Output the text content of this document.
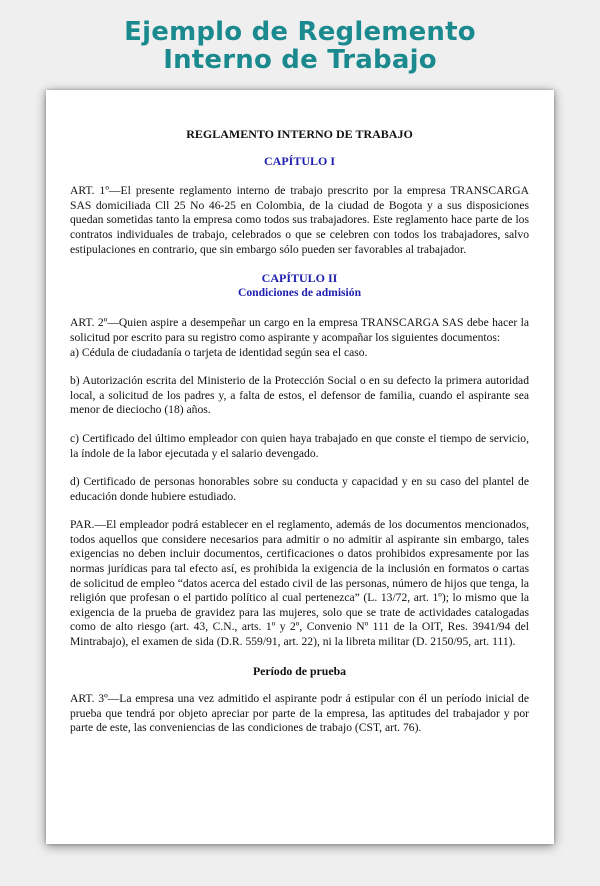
Ejemplo de Reglemento
Interno de Trabajo
REGLAMENTO INTERNO DE TRABAJO
CAPÍTULO I

ART. 1º—El presente reglamento interno de trabajo prescrito por la empresa TRANSCARGA SAS domiciliada Cll 25 No 46-25 en Colombia, de la ciudad de Bogota y a sus disposiciones quedan sometidas tanto la empresa como todos sus trabajadores. Este reglamento hace parte de los contratos individuales de trabajo, celebrados o que se celebren con todos los trabajadores, salvo estipulaciones en contrario, que sin embargo sólo pueden ser favorables al trabajador.

CAPÍTULO II
Condiciones de admisión

ART. 2º—Quien aspire a desempeñar un cargo en la empresa TRANSCARGA SAS debe hacer la solicitud por escrito para su registro como aspirante y acompañar los siguientes documentos:

a) Cédula de ciudadanía o tarjeta de identidad según sea el caso.

b) Autorización escrita del Ministerio de la Protección Social o en su defecto la primera autoridad local, a solicitud de los padres y, a falta de estos, el defensor de familia, cuando el aspirante sea menor de dieciocho (18) años.

c) Certificado del último empleador con quien haya trabajado en que conste el tiempo de servicio, la índole de la labor ejecutada y el salario devengado.

d) Certificado de personas honorables sobre su conducta y capacidad y en su caso del plantel de educación donde hubiere estudiado.

PAR.—El empleador podrá establecer en el reglamento, además de los documentos mencionados, todos aquellos que considere necesarios para admitir o no admitir al aspirante sin embargo, tales exigencias no deben incluir documentos, certificaciones o datos prohibidos expresamente por las normas jurídicas para tal efecto así, es prohibida la exigencia de la inclusión en formatos o cartas de solicitud de empleo “datos acerca del estado civil de las personas, número de hijos que tenga, la religión que profesan o el partido político al cual pertenezca” (L. 13/72, art. 1º); lo mismo que la exigencia de la prueba de gravidez para las mujeres, solo que se trate de actividades catalogadas como de alto riesgo (art. 43, C.N., arts. 1º y 2º, Convenio Nº 111 de la OIT, Res. 3941/94 del Mintrabajo), el examen de sida (D.R. 559/91, art. 22), ni la libreta militar (D. 2150/95, art. 111).

Período de prueba

ART. 3º—La empresa una vez admitido el aspirante podr á estipular con él un período inicial de prueba que tendrá por objeto apreciar por parte de la empresa, las aptitudes del trabajador y por parte de este, las conveniencias de las condiciones de trabajo (CST, art. 76).
